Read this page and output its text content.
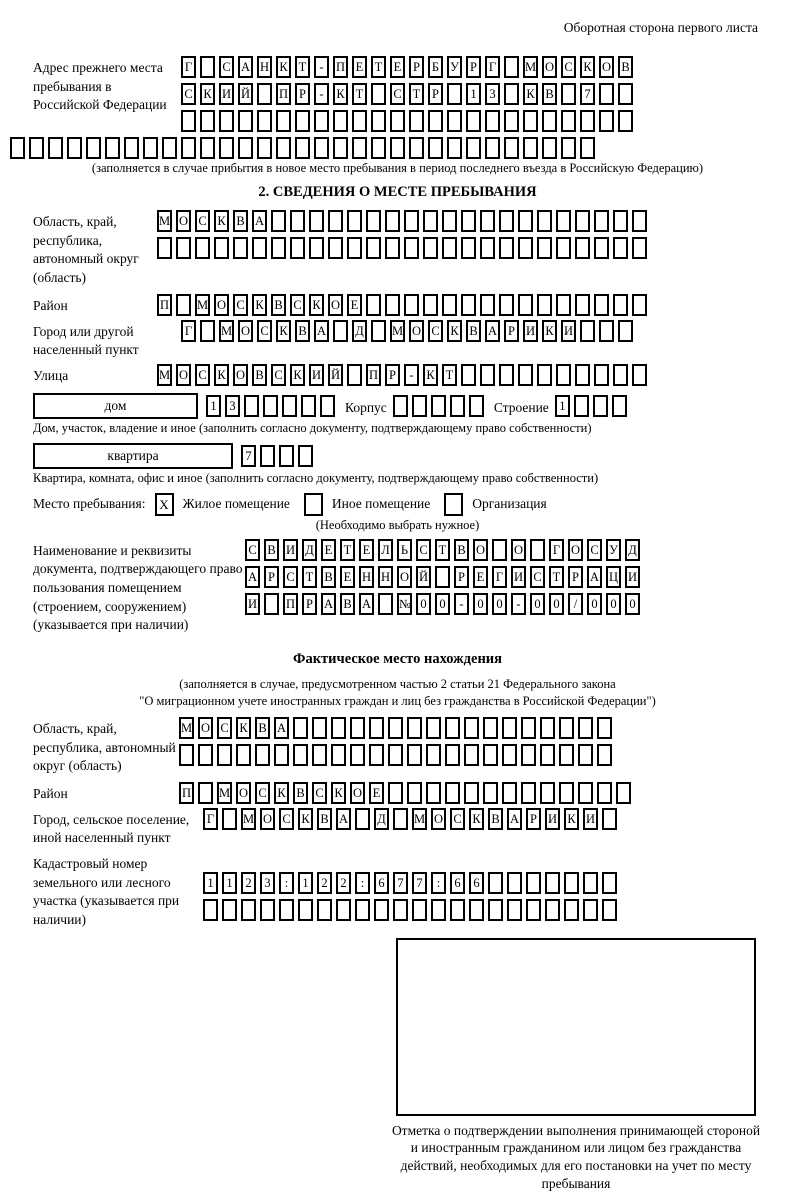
Оборотная сторона первого листа
Адрес прежнего места пребывания в Российской Федерации
Г	С А Н К Т	- П Е Т Е Р Б У Р Г	М О С К О В
С К И Й П Р	-	К Т С Т Р	1	3	К В	7
(заполняется в случае прибытия в новое место пребывания в период последнего въезда в Российскую Федерацию)
2. СВЕДЕНИЯ О МЕСТЕ ПРЕБЫВАНИЯ
Область, край, республика, автономный округ (область)
М О С К В А
Район	П М О С К В С К О Е
Город или другой населенный пункт
Г	М О С К В А Д М О С К В А Р И К И
Улица	М О С К О В С К И Й П Р	-	К Т
дом	1	3	Корпус	Строение 1
Дом, участок, владение и иное (заполнить согласно документу, подтверждающему право собственности)
квартира	7
Квартира, комната, офис и иное (заполнить согласно документу, подтверждающему право собственности)
Место пребывания:	X	Жилое помещение	Иное помещение	Организация
(Необходимо выбрать нужное)
Наименование и реквизиты документа, подтверждающего право пользования помещением (строением, сооружением) (указывается при наличии)
С В И Д Е Т Е Л Ь С Т В О О	Г О С У Д
А Р С Т В Е Н Н О Й	Р Е Г И С Т Р А Ц И
И П Р А В А № 0	0	-	0	0	-	0	0	/	0	0	0
Фактическое место нахождения
(заполняется в случае, предусмотренном частью 2 статьи 21 Федерального закона
"О миграционном учете иностранных граждан и лиц без гражданства в Российской Федерации")
Область, край, республика, автономный округ (область)
М О С К В А
Район	П М О С К В С К О Е
Город, сельское поселение, иной населенный пункт
Г	М О С К В А Д М О С К В А Р И К И
Кадастровый номер земельного или лесного участка (указывается при наличии)
1	1	2	3	:	1	2	2	:	6	7	7	:	6	6
Отметка о подтверждении выполнения принимающей стороной и иностранным гражданином или лицом без гражданства действий, необходимых для его постановки на учет по месту пребывания
